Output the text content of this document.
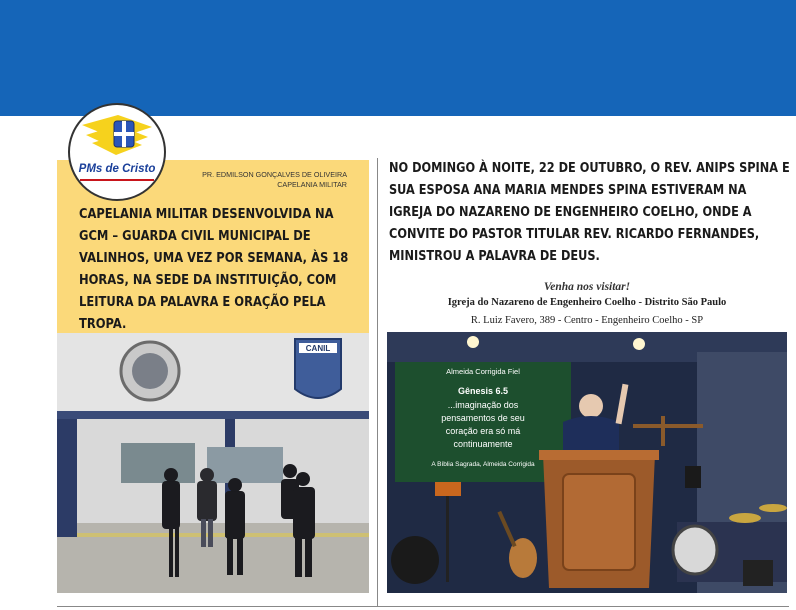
PMs de Cristo	PR. EDMILSON GONÇALVES DE OLIVEIRA
CAPELANIA MILITAR
CAPELANIA MILITAR DESENVOLVIDA NA GCM – GUARDA CIVIL MUNICIPAL DE VALINHOS, UMA VEZ POR SEMANA, ÀS 18 HORAS, NA SEDE DA INSTITUIÇÃO, COM LEITURA DA PALAVRA E ORAÇÃO PELA TROPA.
CANIL
NO DOMINGO À NOITE, 22 DE OUTUBRO, O REV. ANIPS SPINA E SUA ESPOSA ANA MARIA MENDES SPINA ESTIVERAM NA IGREJA DO NAZARENO DE ENGENHEIRO COELHO, ONDE A CONVITE DO PASTOR TITULAR REV. RICARDO FERNANDES, MINISTROU A PALAVRA DE DEUS.
Venha nos visitar!
Igreja do Nazareno de Engenheiro Coelho - Distrito São Paulo
R. Luiz Favero, 389 - Centro - Engenheiro Coelho - SP
Almeida Corrigida Fiel
Gênesis 6.5
...imaginação dos
pensamentos de seu
coração era só má
continuamente
A Bíblia Sagrada, Almeida Corrigida
